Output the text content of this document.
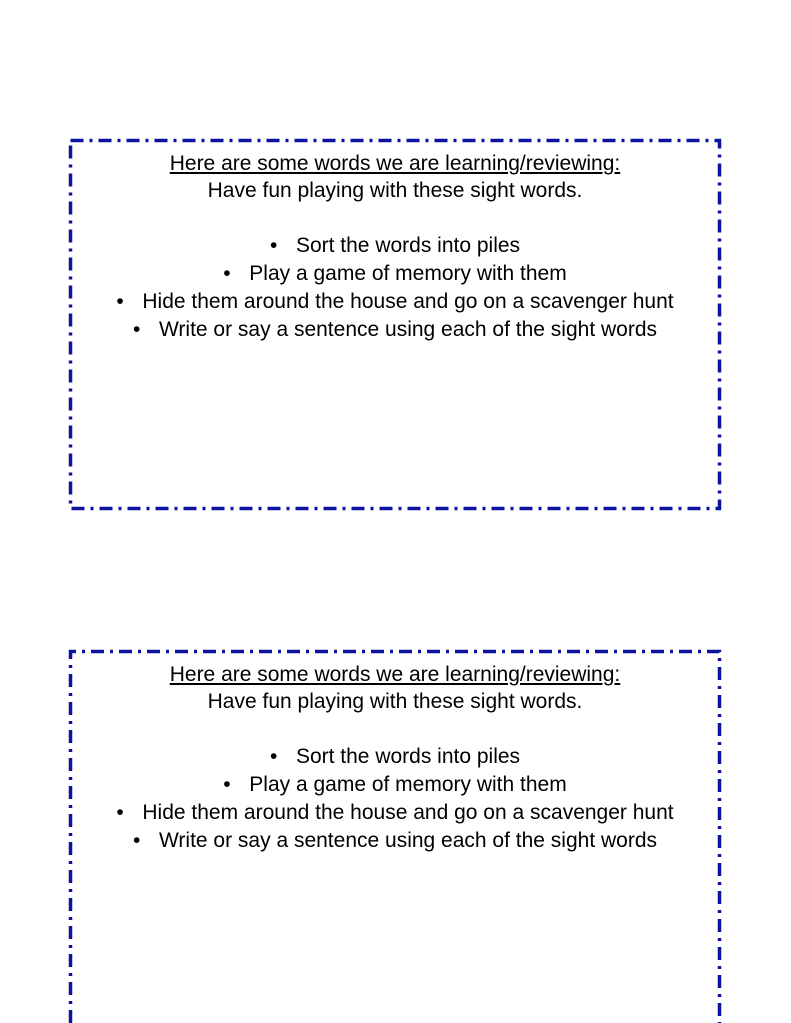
Here are some words we are learning/reviewing:

Have fun playing with these sight words.

• Sort the words into piles
• Play a game of memory with them
• Hide them around the house and go on a scavenger hunt
• Write or say a sentence using each of the sight words

Here are some words we are learning/reviewing:

Have fun playing with these sight words.

• Sort the words into piles
• Play a game of memory with them
• Hide them around the house and go on a scavenger hunt
• Write or say a sentence using each of the sight words
